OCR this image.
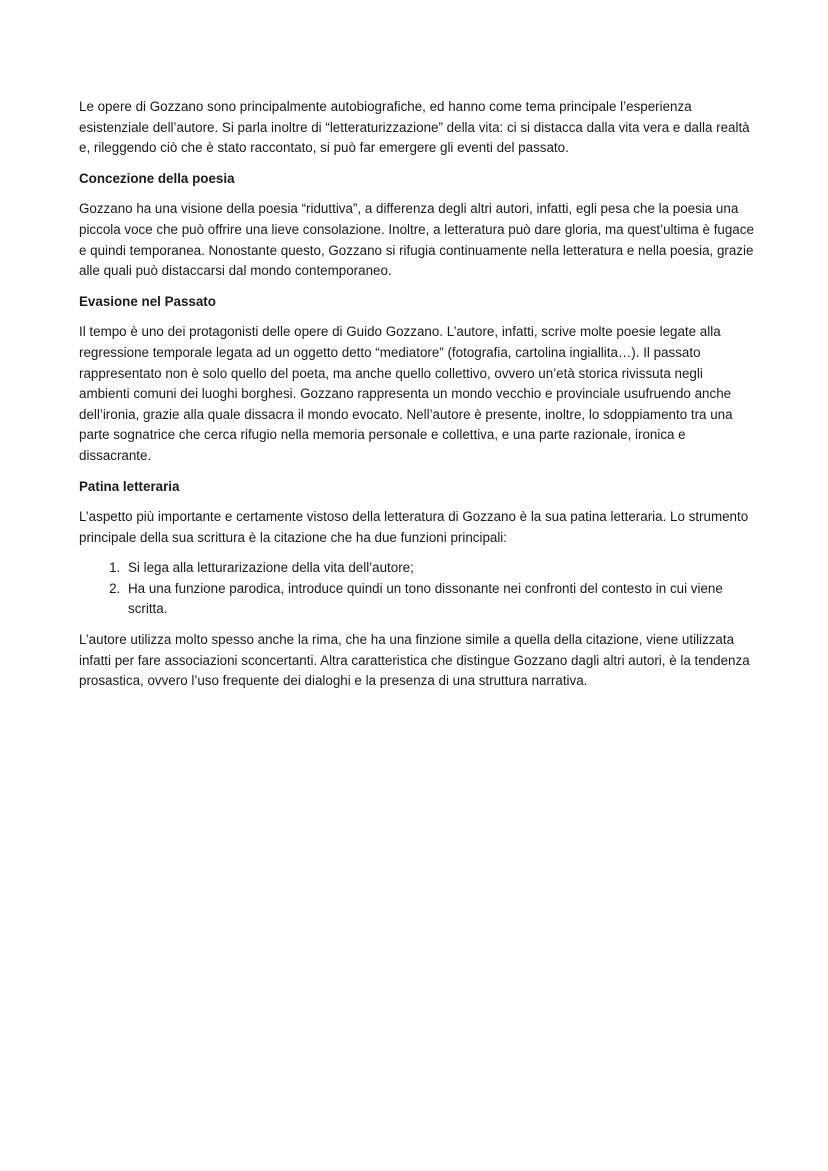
Le opere di Gozzano sono principalmente autobiografiche, ed hanno come tema principale l’esperienza esistenziale dell’autore. Si parla inoltre di “letteraturizzazione” della vita: ci si distacca dalla vita vera e dalla realtà e, rileggendo ciò che è stato raccontato, si può far emergere gli eventi del passato.

Concezione della poesia

Gozzano ha una visione della poesia “riduttiva”, a differenza degli altri autori, infatti, egli pesa che la poesia una piccola voce che può offrire una lieve consolazione. Inoltre, a letteratura può dare gloria, ma quest’ultima è fugace e quindi temporanea. Nonostante questo, Gozzano si rifugia continuamente nella letteratura e nella poesia, grazie alle quali può distaccarsi dal mondo contemporaneo.

Evasione nel Passato

Il tempo è uno dei protagonisti delle opere di Guido Gozzano. L’autore, infatti, scrive molte poesie legate alla regressione temporale legata ad un oggetto detto “mediatore” (fotografia, cartolina ingiallita…). Il passato rappresentato non è solo quello del poeta, ma anche quello collettivo, ovvero un’età storica rivissuta negli ambienti comuni dei luoghi borghesi. Gozzano rappresenta un mondo vecchio e provinciale usufruendo anche dell’ironia, grazie alla quale dissacra il mondo evocato. Nell’autore è presente, inoltre, lo sdoppiamento tra una parte sognatrice che cerca rifugio nella memoria personale e collettiva, e una parte razionale, ironica e dissacrante.

Patina letteraria

L’aspetto più importante e certamente vistoso della letteratura di Gozzano è la sua patina letteraria. Lo strumento principale della sua scrittura è la citazione che ha due funzioni principali:

1. Si lega alla letturarizazione della vita dell’autore;
2. Ha una funzione parodica, introduce quindi un tono dissonante nei confronti del contesto in cui viene scritta.

L’autore utilizza molto spesso anche la rima, che ha una finzione simile a quella della citazione, viene utilizzata infatti per fare associazioni sconcertanti. Altra caratteristica che distingue Gozzano dagli altri autori, è la tendenza prosastica, ovvero l’uso frequente dei dialoghi e la presenza di una struttura narrativa.
